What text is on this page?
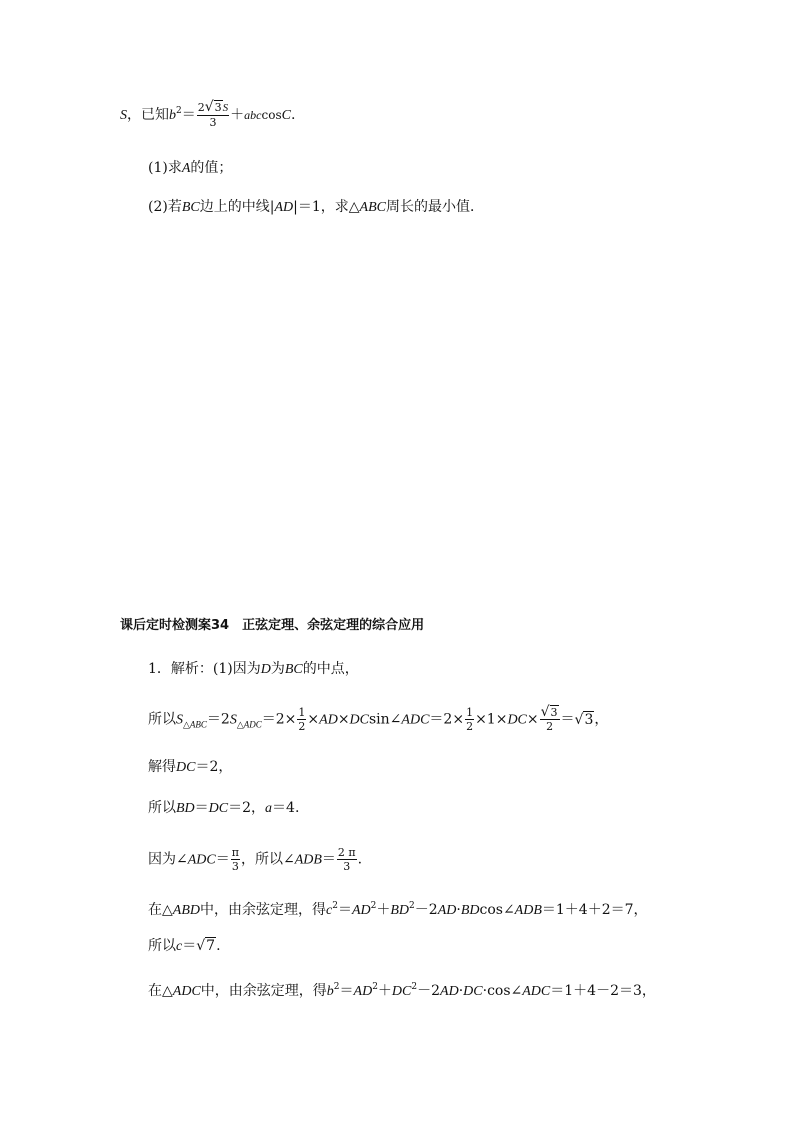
S，已知$b^2= \frac{2√3S}{3} +abccosC$.
(1)求A的值；
(2)若BC边上的中线|AD|＝1，求△ABC周长的最小值．
课后定时检测案34　正弦定理、余弦定理的综合应用
1．解析：(1)因为D为BC的中点，
所以$S_{\triangle ABC}=2S_{\triangle ADC}=2\times \frac{1}{2}$ ×AD×DCsin∠ADC＝2× $\frac{1}{2} \times 1\times DC\times \frac{√3}{2} =√3$，
解得DC＝2，
所以BD＝DC＝2，a＝4.
因为∠ADC＝ $\frac{\pi}{3}$ ，所以∠ADB＝ $\frac{2 \pi}{3}$ .
在△ABD中，由余弦定理，得$c^2=AD^2+BD^2-2AD\cdot BDcos\angle ADB=1+4+2=7$，
所以c＝√7.
在△ADC中，由余弦定理，得$b^2=AD^2+DC^2-2AD\cdot DC\cdot\cos\angle ADC=1+4-2=3$，
